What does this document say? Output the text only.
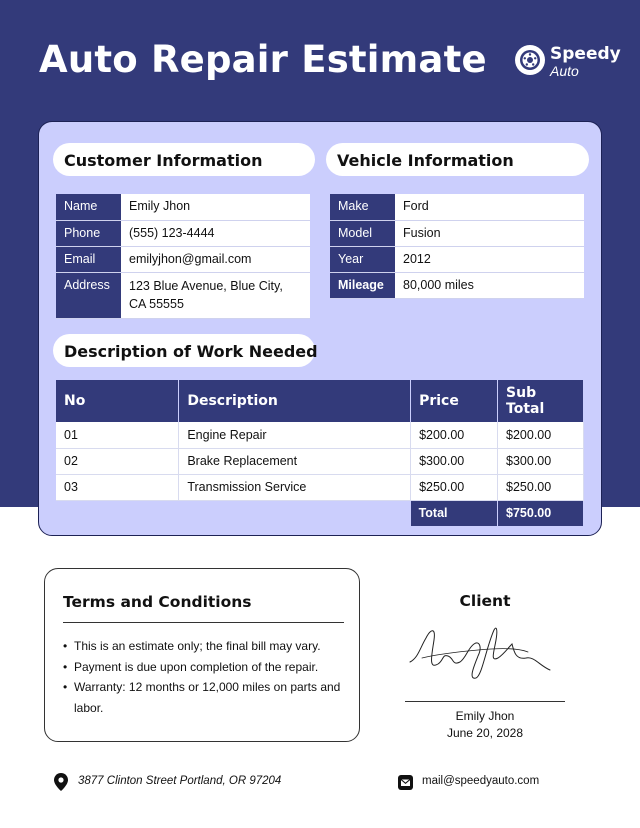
Auto Repair Estimate	Speedy
Auto
Customer Information	Vehicle Information
Name	Emily Jhon
Phone	(555) 123-4444
Email	emilyjhon@gmail.com
Address	123 Blue Avenue, Blue City, CA 55555
Make	Ford
Model	Fusion
Year	2012
Mileage	80,000 miles
Description of Work Needed
No	Description	Price	Sub Total
01	Engine Repair	$200.00	$200.00
02	Brake Replacement	$300.00	$300.00
03	Transmission Service	$250.00	$250.00
		Total	$750.00
Terms and Conditions
• This is an estimate only; the final bill may vary.
• Payment is due upon completion of the repair.
• Warranty: 12 months or 12,000 miles on parts and labor.
Client
Emily Jhon
June 20, 2028
3877 Clinton Street Portland, OR 97204	mail@speedyauto.com
